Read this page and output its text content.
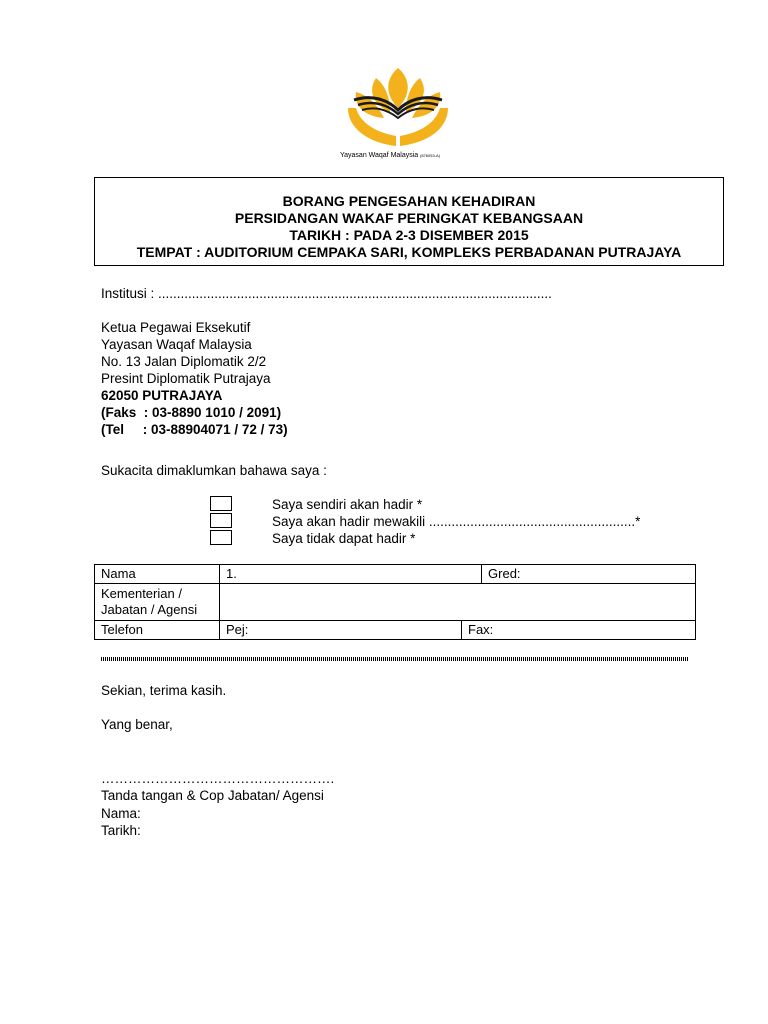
Yayasan Waqaf Malaysia (876053-A)
BORANG PENGESAHAN KEHADIRAN
PERSIDANGAN WAKAF PERINGKAT KEBANGSAAN
TARIKH : PADA 2-3 DISEMBER 2015
TEMPAT : AUDITORIUM CEMPAKA SARI, KOMPLEKS PERBADANAN PUTRAJAYA
Institusi : .........................................................................................................
Ketua Pegawai Eksekutif
Yayasan Waqaf Malaysia
No. 13 Jalan Diplomatik 2/2
Presint Diplomatik Putrajaya
62050 PUTRAJAYA
(Faks  : 03-8890 1010 / 2091)
(Tel     : 03-88904071 / 72 / 73)
Sukacita dimaklumkan bahawa saya :
Saya sendiri akan hadir *
Saya akan hadir mewakili .......................................................*
Saya tidak dapat hadir *
Nama	1.		Gred:

Kementerian /
Jabatan / Agensi			

Telefon	Pej:	Fax:	
Sekian, terima kasih.
Yang benar,
…………………………………………….
Tanda tangan & Cop Jabatan/ Agensi
Nama:
Tarikh:
